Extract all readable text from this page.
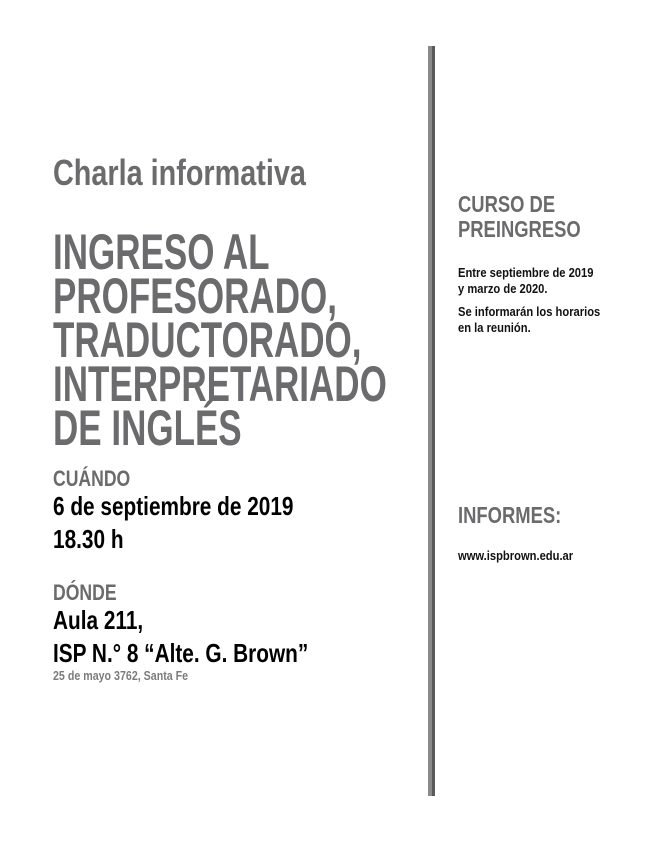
Charla informativa
INGRESO AL
PROFESORADO,
TRADUCTORADO,
INTERPRETARIADO
DE INGLÉS
CUÁNDO
6 de septiembre de 2019
18.30 h
DÓNDE
Aula 211,
ISP N.° 8 “Alte. G. Brown”
25 de mayo 3762, Santa Fe
CURSO DE
PREINGRESO
Entre septiembre de 2019
y marzo de 2020.
Se informarán los horarios
en la reunión.
INFORMES:
www.ispbrown.edu.ar
